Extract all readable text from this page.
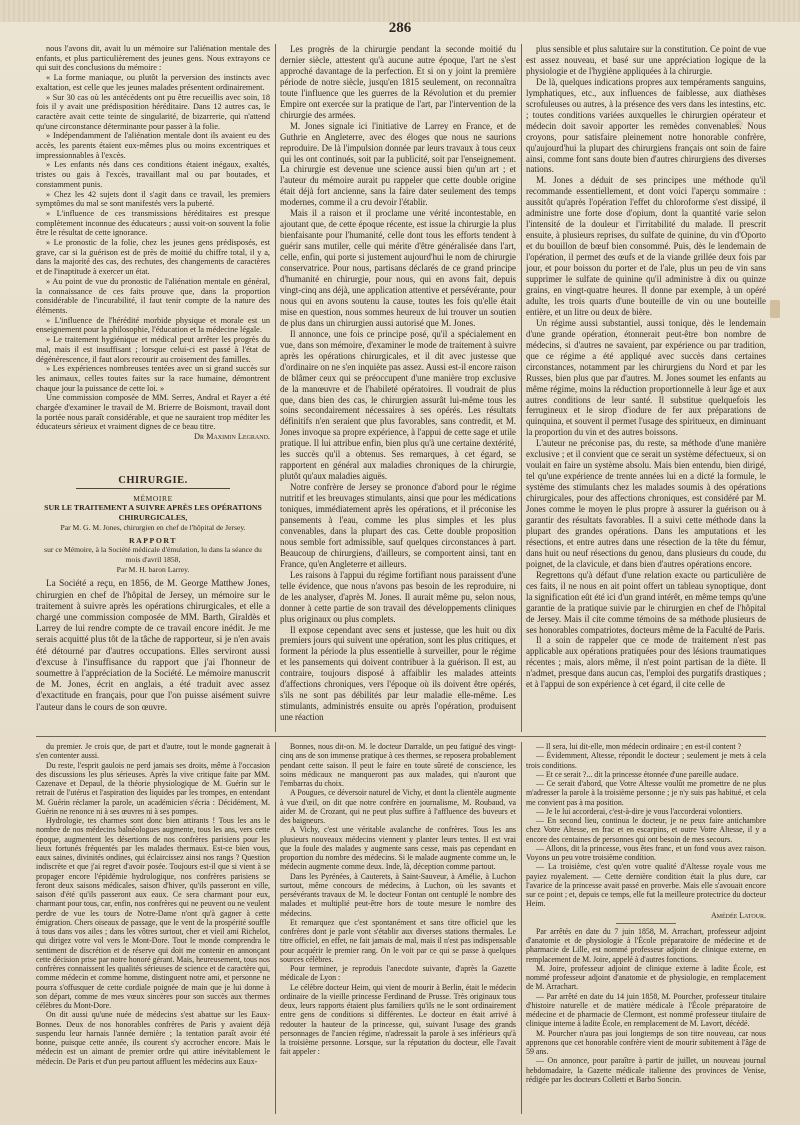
286

nous l'avons dit, avait lu un mémoire sur l'aliénation mentale des enfants, et plus particulièrement des jeunes gens. Nous extrayons ce qui suit des conclusions du mémoire :

« La forme maniaque, ou plutôt la perversion des instincts avec exaltation, est celle que les jeunes malades présentent ordinairement.

» Sur 30 cas où les antécédents ont pu être recueillis avec soin, 18 fois il y avait une prédisposition héréditaire. Dans 12 autres cas, le caractère avait cette teinte de singularité, de bizarrerie, qui n'attend qu'une circonstance déterminante pour passer à la folie.

» Indépendamment de l'aliénation mentale dont ils avaient eu des accès, les parents étaient eux-mêmes plus ou moins excentriques et impressionnables à l'excès.

» Les enfants nés dans ces conditions étaient inégaux, exaltés, tristes ou gais à l'excès, travaillant mal ou par boutades, et constamment punis.

» Chez les 42 sujets dont il s'agit dans ce travail, les premiers symptômes du mal se sont manifestés vers la puberté.

» L'influence de ces transmissions héréditaires est presque complètement inconnue des éducateurs ; aussi voit-on souvent la folie être le résultat de cette ignorance.

» Le pronostic de la folie, chez les jeunes gens prédisposés, est grave, car si la guérison est de près de moitié du chiffre total, il y a, dans la majorité des cas, des rechutes, des changements de caractères et de l'inaptitude à exercer un état.

» Au point de vue du pronostic de l'aliénation mentale en général, la connaissance de ces faits prouve que, dans la proportion considérable de l'incurabilité, il faut tenir compte de la nature des éléments.

» L'influence de l'hérédité morbide physique et morale est un enseignement pour la philosophie, l'éducation et la médecine légale.

» Le traitement hygiénique et médical peut arrêter les progrès du mal, mais il est insuffisant ; lorsque celui-ci est passé à l'état de dégénérescence, il faut alors recourir au croisement des familles.

» Les expériences nombreuses tentées avec un si grand succès sur les animaux, celles toutes faites sur la race humaine, démontrent chaque jour la puissance de cette loi. »

Une commission composée de MM. Serres, Andral et Rayer a été chargée d'examiner le travail de M. Brierre de Boismont, travail dont la portée nous paraît considérable, et que ne sauraient trop méditer les éducateurs sérieux et vraiment dignes de ce beau titre.

Dr Maximin Legrand.
CHIRURGIE.
MÉMOIRE
SUR LE TRAITEMENT A SUIVRE APRÈS LES OPÉRATIONS CHIRURGICALES,
Par M. G. M. Jones, chirurgien en chef de l'hôpital de Jersey.
RAPPORT
sur ce Mémoire, à la Société médicale d'émulation, lu dans la séance du mois d'avril 1858,
Par M. H. baron Larrey.

La Société a reçu, en 1856, de M. George Matthew Jones, chirurgien en chef de l'hôpital de Jersey, un mémoire sur le traitement à suivre après les opérations chirurgicales, et elle a chargé une commission composée de MM. Barth, Giraldès et Larrey de lui rendre compte de ce travail encore inédit. Je me serais acquitté plus tôt de la tâche de rapporteur, si je n'en avais été détourné par d'autres occupations. Elles serviront aussi d'excuse à l'insuffisance du rapport que j'ai l'honneur de soumettre à l'appréciation de la Société. Le mémoire manuscrit de M. Jones, écrit en anglais, a été traduit avec assez d'exactitude en français, pour que l'on puisse aisément suivre l'auteur dans le cours de son œuvre.

Les progrès de la chirurgie pendant la seconde moitié du dernier siècle, attestent qu'à aucune autre époque, l'art ne s'est approché davantage de la perfection. Et si on y joint la première période de notre siècle, jusqu'en 1815 seulement, on reconnaîtra toute l'influence que les guerres de la Révolution et du premier Empire ont exercée sur la pratique de l'art, par l'intervention de la chirurgie des armées.

M. Jones signale ici l'initiative de Larrey en France, et de Guthrie en Angleterre, avec des éloges que nous ne saurions reproduire. De là l'impulsion donnée par leurs travaux à tous ceux qui les ont continués, soit par la publicité, soit par l'enseignement. La chirurgie est devenue une science aussi bien qu'un art ; et l'auteur du mémoire aurait pu rappeler que cette double origine était déjà fort ancienne, sans la faire dater seulement des temps modernes, comme il a cru devoir l'établir.

Mais il a raison et il proclame une vérité incontestable, en ajoutant que, de cette époque récente, est issue la chirurgie la plus bienfaisante pour l'humanité, celle dont tous les efforts tendent à guérir sans mutiler, celle qui mérite d'être généralisée dans l'art, celle, enfin, qui porte si justement aujourd'hui le nom de chirurgie conservatrice. Pour nous, partisans déclarés de ce grand principe d'humanité en chirurgie, pour nous, qui en avons fait, depuis vingt-cinq ans déjà, une application attentive et persévérante, pour nous qui en avons soutenu la cause, toutes les fois qu'elle était mise en question, nous sommes heureux de lui trouver un soutien de plus dans un chirurgien aussi autorisé que M. Jones.

Il annonce, une fois ce principe posé, qu'il a spécialement en vue, dans son mémoire, d'examiner le mode de traitement à suivre après les opérations chirurgicales, et il dit avec justesse que d'ordinaire on ne s'en inquiète pas assez. Aussi est-il encore raison de blâmer ceux qui se préoccupent d'une manière trop exclusive de la manœuvre et de l'habileté opératoires. Il voudrait de plus que, dans bien des cas, le chirurgien assurât lui-même tous les soins secondairement nécessaires à ses opérés. Les résultats définitifs n'en seraient que plus favorables, sans contredit, et M. Jones invoque sa propre expérience, à l'appui de cette sage et utile pratique. Il lui attribue enfin, bien plus qu'à une certaine dextérité, les succès qu'il a obtenus. Ses remarques, à cet égard, se rapportent en général aux maladies chroniques de la chirurgie, plutôt qu'aux maladies aiguës.

Notre confrère de Jersey se prononce d'abord pour le régime nutritif et les breuvages stimulants, ainsi que pour les médications toniques, immédiatement après les opérations, et il préconise les pansements à l'eau, comme les plus simples et les plus convenables, dans la plupart des cas. Cette double proposition nous semble fort admissible, sauf quelques circonstances à part. Beaucoup de chirurgiens, d'ailleurs, se comportent ainsi, tant en France, qu'en Angleterre et ailleurs.

Les raisons à l'appui du régime fortifiant nous paraissent d'une telle évidence, que nous n'avons pas besoin de les reproduire, ni de les analyser, d'après M. Jones. Il aurait même pu, selon nous, donner à cette partie de son travail des développements cliniques plus originaux ou plus complets.

Il expose cependant avec sens et justesse, que les huit ou dix premiers jours qui suivent une opération, sont les plus critiques, et forment la période la plus essentielle à surveiller, pour le régime et les pansements qui doivent contribuer à la guérison. Il est, au contraire, toujours disposé à affaiblir les malades atteints d'affections chroniques, vers l'époque où ils doivent être opérés, s'ils ne sont pas débilités par leur maladie elle-même. Les stimulants, administrés ensuite ou après l'opération, produisent une réaction

plus sensible et plus salutaire sur la constitution. Ce point de vue est assez nouveau, et basé sur une appréciation logique de la physiologie et de l'hygiène appliquées à la chirurgie.

De là, quelques indications propres aux tempéraments sanguins, lymphatiques, etc., aux influences de faiblesse, aux diathèses scrofuleuses ou autres, à la présence des vers dans les intestins, etc. ; toutes conditions variées auxquelles le chirurgien opérateur et médecin doit savoir apporter les remèdes convenables. Nous croyons, pour satisfaire pleinement notre honorable confrère, qu'aujourd'hui la plupart des chirurgiens français ont soin de faire ainsi, comme font sans doute bien d'autres chirurgiens des diverses nations.

M. Jones a déduit de ses principes une méthode qu'il recommande essentiellement, et dont voici l'aperçu sommaire : aussitôt qu'après l'opération l'effet du chloroforme s'est dissipé, il administre une forte dose d'opium, dont la quantité varie selon l'intensité de la douleur et l'irritabilité du malade. Il prescrit ensuite, à plusieurs reprises, du sulfate de quinine, du vin d'Oporto et du bouillon de bœuf bien consommé. Puis, dès le lendemain de l'opération, il permet des œufs et de la viande grillée deux fois par jour, et pour boisson du porter et de l'ale, plus un peu de vin sans supprimer le sulfate de quinine qu'il administre à dix ou quinze grains, en vingt-quatre heures. Il donne par exemple, à un opéré adulte, les trois quarts d'une bouteille de vin ou une bouteille entière, et un litre ou deux de bière.

Un régime aussi substantiel, aussi tonique, dès le lendemain d'une grande opération, étonnerait peut-être bon nombre de médecins, si d'autres ne savaient, par expérience ou par tradition, que ce régime a été appliqué avec succès dans certaines circonstances, notamment par les chirurgiens du Nord et par les Russes, bien plus que par d'autres. M. Jones soumet les enfants au même régime, moins la réduction proportionnelle à leur âge et aux autres conditions de leur santé. Il substitue quelquefois les ferrugineux et le sirop d'iodure de fer aux préparations de quinquina, et souvent il permet l'usage des spiritueux, en diminuant la proportion du vin et des autres boissons.

L'auteur ne préconise pas, du reste, sa méthode d'une manière exclusive ; et il convient que ce serait un système défectueux, si on voulait en faire un système absolu. Mais bien entendu, bien dirigé, tel qu'une expérience de trente années lui en a dicté la formule, le système des stimulants chez les malades soumis à des opérations chirurgicales, pour des affections chroniques, est considéré par M. Jones comme le moyen le plus propre à assurer la guérison ou à garantir des résultats favorables. Il a suivi cette méthode dans la plupart des grandes opérations. Dans les amputations et les résections, et entre autres dans une résection de la tête du fémur, dans huit ou neuf résections du genou, dans plusieurs du coude, du poignet, de la clavicule, et dans bien d'autres opérations encore.

Regrettons qu'à défaut d'une relation exacte ou particulière de ces faits, il ne nous en ait point offert un tableau synoptique, dont la signification eût été ici d'un grand intérêt, en même temps qu'une garantie de la pratique suivie par le chirurgien en chef de l'hôpital de Jersey. Mais il cite comme témoins de sa méthode plusieurs de ses honorables compatriotes, docteurs même de la Faculté de Paris.

Il a soin de rappeler que ce mode de traitement n'est pas applicable aux opérations pratiquées pour des lésions traumatiques récentes ; mais, alors même, il n'est point partisan de la diète. Il n'admet, presque dans aucun cas, l'emploi des purgatifs drastiques ; et à l'appui de son expérience à cet égard, il cite celle de

du premier. Je crois que, de part et d'autre, tout le monde gagnerait à s'en contenter aussi.

Du reste, l'esprit gaulois ne perd jamais ses droits, même à l'occasion des discussions les plus sérieuses. Après la vive critique faite par MM. Cazenave et Depaul, de la théorie physiologique de M. Guérin sur le retrait de l'utérus et l'aspiration des liquides par les trompes, en entendant M. Guérin réclamer la parole, un académicien s'écria : Décidément, M. Guérin ne renonce ni à ses œuvres ni à ses pompes.

Hydrologie, tes charmes sont donc bien attirants ! Tous les ans le nombre de nos médecins balnéologues augmente, tous les ans, vers cette époque, augmentent les désertions de nos confrères parisiens pour les lieux fortunés fréquentés par les malades thermaux. Est-ce bien vous, eaux saines, divinités ondines, qui éclaircissez ainsi nos rangs ? Question indiscrète et que j'ai regret d'avoir posée. Toujours est-il que si vient à se propager encore l'épidémie hydrologique, nos confrères parisiens se feront deux saisons médicales, saison d'hiver, qu'ils passeront en ville, saison d'été qu'ils passeront aux eaux. Ce sera charmant pour eux, charmant pour tous, car, enfin, nos confrères qui ne peuvent ou ne veulent perdre de vue les tours de Notre-Dame n'ont qu'à gagner à cette émigration. Chers oiseaux de passage, que le vent de la prospérité souffle à tous dans vos ailes ; dans les vôtres surtout, cher et vieil ami Richelot, qui dirigez votre vol vers le Mont-Dore. Tout le monde comprendra le sentiment de discrétion et de réserve qui doit me contenir en annonçant cette décision prise par notre honoré gérant. Mais, heureusement, tous nos confrères connaissent les qualités sérieuses de science et de caractère qui, comme médecin et comme homme, distinguent notre ami, et personne ne pourra s'offusquer de cette cordiale poignée de main que je lui donne à son départ, comme de mes vœux sincères pour son succès aux thermes célèbres du Mont-Dore.

On dit aussi qu'une nuée de médecins s'est abattue sur les Eaux-Bonnes. Deux de nos honorables confrères de Paris y avaient déjà suspendu leur harnais l'année dernière ; la tentation paraît avoir été bonne, puisque cette année, ils courent s'y accrocher encore. Mais le médecin est un aimant de premier ordre qui attire inévitablement le médecin. De Paris et d'un peu partout affluent les médecins aux Eaux-

Bonnes, nous dit-on. M. le docteur Darralde, un peu fatigué des vingt-cinq ans de son immense pratique à ces thermes, se reposera probablement pendant cette saison. Il peut le faire en toute sûreté de conscience, les soins médicaux ne manqueront pas aux malades, qui n'auront que l'embarras du choix.

A Pougues, ce déversoir naturel de Vichy, et dont la clientèle augmente à vue d'œil, on dit que notre confrère en journalisme, M. Roubaud, va aider M. de Crozant, qui ne peut plus suffire à l'affluence des buveurs et des baigneurs.

A Vichy, c'est une véritable avalanche de confrères. Tous les ans plusieurs nouveaux médecins viennent y planter leurs tentes. Il est vrai que la foule des malades y augmente sans cesse, mais pas cependant en proportion du nombre des médecins. Si le malade augmente comme un, le médecin augmente comme deux. Inde, là, déception comme partout.

Dans les Pyrénées, à Cauterets, à Saint-Sauveur, à Amélie, à Luchon surtout, même concours de médecins, à Luchon, où les savants et persévérants travaux de M. le docteur Fontan ont centuplé le nombre des malades et multiplié peut-être hors de toute mesure le nombre des médecins.

Et remarquez que c'est spontanément et sans titre officiel que les confrères dont je parle vont s'établir aux diverses stations thermales. Le titre officiel, en effet, ne fait jamais de mal, mais il n'est pas indispensable pour acquérir le premier rang. On le voit par ce qui se passe à quelques sources célèbres.

Pour terminer, je reproduis l'anecdote suivante, d'après la Gazette médicale de Lyon :

Le célèbre docteur Heim, qui vient de mourir à Berlin, était le médecin ordinaire de la vieille princesse Ferdinand de Prusse. Très originaux tous deux, leurs rapports étaient plus familiers qu'ils ne le sont ordinairement entre gens de conditions si différentes. Le docteur en était arrivé à redouter la hauteur de la princesse, qui, suivant l'usage des grands personnages de l'ancien régime, n'adressait la parole à ses inférieurs qu'à la troisième personne. Lorsque, sur la réputation du docteur, elle l'avait fait appeler :

— Il sera, lui dit-elle, mon médecin ordinaire ; en est-il content ?

— Évidemment, Altesse, répondit le docteur ; seulement je mets à cela trois conditions.

— Et ce serait ?... dit la princesse étonnée d'une pareille audace.

— Ce serait d'abord, que Votre Altesse voulût me promettre de ne plus m'adresser la parole à la troisième personne ; je n'y suis pas habitué, et cela me convient pas à ma position.

— Je le lui accorderai, c'est-à-dire je vous l'accorderai volontiers.

— En second lieu, continua le docteur, je ne peux faire antichambre chez Votre Altesse, en frac et en escarpins, et outre Votre Altesse, il y a encore des centaines de personnes qui ont besoin de mes secours.

— Allons, dit la princesse, vous êtes franc, et un fond vous avez raison. Voyons un peu votre troisième condition.

— La troisième, c'est qu'en votre qualité d'Altesse royale vous me payiez royalement. — Cette dernière condition était la plus dure, car l'avarice de la princesse avait passé en proverbe. Mais elle s'avouait encore sur ce point ; et, depuis ce temps, elle fut la meilleure protectrice du docteur Heim.

Amédée Latour.

Par arrêtés en date du 7 juin 1858, M. Arrachart, professeur adjoint d'anatomie et de physiologie à l'École préparatoire de médecine et de pharmacie de Lille, est nommé professeur adjoint de clinique externe, en remplacement de M. Joire, appelé à d'autres fonctions.

M. Joire, professeur adjoint de clinique externe à ladite École, est nommé professeur adjoint d'anatomie et de physiologie, en remplacement de M. Arrachart.

— Par arrêté en date du 14 juin 1858, M. Pourcher, professeur titulaire d'histoire naturelle et de matière médicale à l'École préparatoire de médecine et de pharmacie de Clermont, est nommé professeur titulaire de clinique interne à ladite École, en remplacement de M. Lavort, décédé.

M. Pourcher n'aura pas joui longtemps de son titre nouveau, car nous apprenons que cet honorable confrère vient de mourir subitement à l'âge de 59 ans.

— On annonce, pour paraître à partir de juillet, un nouveau journal hebdomadaire, la Gazette médicale italienne des provinces de Venise, rédigée par les docteurs Colletti et Barbo Soncin.
